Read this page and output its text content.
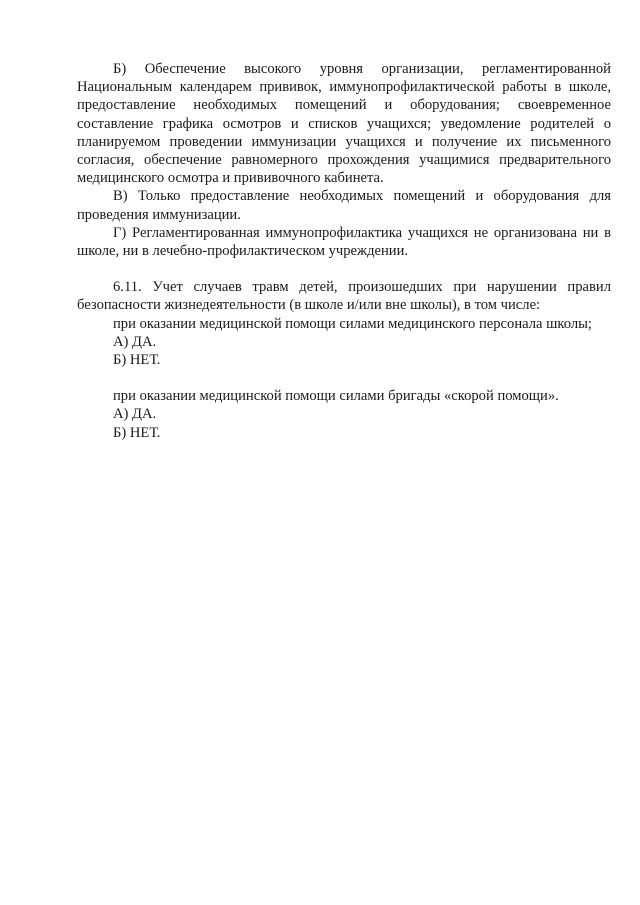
Б) Обеспечение высокого уровня организации, регламентированной Национальным календарем прививок, иммунопрофилактической работы в школе, предоставление необходимых помещений и оборудования; своевременное составление графика осмотров и списков учащихся; уведомление родителей о планируемом проведении иммунизации учащихся и получение их письменного согласия, обеспечение равномерного прохождения учащимися предварительного медицинского осмотра и прививочного кабинета.

В) Только предоставление необходимых помещений и оборудования для проведения иммунизации.

Г) Регламентированная иммунопрофилактика учащихся не организована ни в школе, ни в лечебно-профилактическом учреждении.

6.11. Учет случаев травм детей, произошедших при нарушении правил безопасности жизнедеятельности (в школе и/или вне школы), в том числе:

при оказании медицинской помощи силами медицинского персонала школы;

А) ДА.

Б) НЕТ.

при оказании медицинской помощи силами бригады «скорой помощи».

А) ДА.

Б) НЕТ.
